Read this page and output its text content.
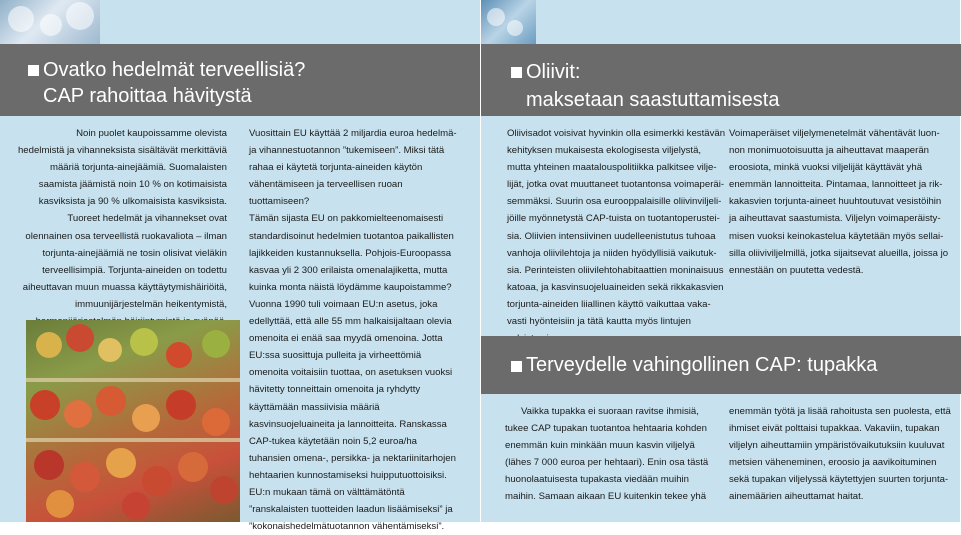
Ovatko hedelmät terveellisiä?
CAP rahoittaa hävitystä
Noin puolet kaupoissamme olevista
hedelmistä ja vihanneksista sisältävät merkittäviä
määriä torjunta-ainejäämiä. Suomalaisten
saamista jäämistä noin 10 % on kotimaisista
kasviksista ja 90 % ulkomaisista kasviksista.
Tuoreet hedelmät ja vihannekset ovat
olennainen osa terveellistä ruokavaliota – ilman
torjunta-ainejäämiä ne tosin olisivat vieläkin
terveellisimpiä. Torjunta-aineiden on todettu
aiheuttavan muun muassa käyttäytymishäiriöitä,
immuunijärjestelmän heikentymistä,
Vuosittain EU käyttää 2 miljardia euroa hedelmä-
ja vihannestuotannon ”tukemiseen”. Miksi tätä
rahaa ei käytetä torjunta-aineiden käytön
vähentämiseen ja terveellisen ruoan
tuottamiseen?
Tämän sijasta EU on pakkomielteenomaisesti
standardisoinut hedelmien tuotantoa paikallisten
lajikkeiden kustannuksella. Pohjois-Euroopassa
kasvaa yli 2 300 erilaista omenalajiketta, mutta
kuinka monta näistä löydämme kaupoistamme?
Vuonna 1990 tuli voimaan EU:n asetus, joka
edellyttää, että alle 55 mm halkaisijaltaan olevia
omenoita ei enää saa myydä omenoina. Jotta
EU:ssa suosittuja pulleita ja virheettömiä
omenoita voitaisiin tuottaa, on asetuksen vuoksi
hävitetty tonneittain omenoita ja ryhdytty
käyttämään massiivisia määriä
kasvinsuojeluaineita ja lannoitteita. Ranskassa
CAP-tukea käytetään noin 5,2 euroa/ha
tuhansien omena-, persikka- ja nektariinitarhojen
hehtaarien kunnostamiseksi huipputuottoisiksi.
EU:n mukaan tämä on välttämätöntä
”ranskalaisten tuotteiden laadun lisäämiseksi” ja
”kokonaishedelmätuotannon vähentämiseksi”.
Oliivit:
maksetaan saastuttamisesta
Oliivisadot voisivat hyvinkin olla esimerkki kestävän
kehityksen mukaisesta ekologisesta viljelystä,
mutta yhteinen maatalouspolitiikka palkitsee vilje-
lijät, jotka ovat muuttaneet tuotantonsa voimaperäi-
semmäksi. Suurin osa eurooppalaisille oliivinviljeli-
jöille myönnetystä CAP-tuista on tuotantoperustei-
sia. Oliivien intensiivinen uudelleenistutus tuhoaa
vanhoja oliivilehtoja ja niiden hyödyllisiä vaikutuk-
sia. Perinteisten oliivilehtohabitaattien moninaisuus
katoaa, ja kasvinsuojeluaineiden sekä rikkakasvien
torjunta-aineiden liiallinen käyttö vaikuttaa vaka-
vasti hyönteisiin ja tätä kautta myös lintujen
Voimaperäiset viljelymenetelmät vähentävät luon-
non monimuotoisuutta ja aiheuttavat maaperän
eroosiota, minkä vuoksi viljelijät käyttävät yhä
enemmän lannoitteita. Pintamaa, lannoitteet ja rik-
kakasvien torjunta-aineet huuhtoutuvat vesistöihin
ja aiheuttavat saastumista. Viljelyn voimaperäisty-
misen vuoksi keinokastelua käytetään myös sellai-
silla oliiviviljelmillä, jotka sijaitsevat alueilla, joissa jo
ennestään on puutetta vedestä.
Terveydelle vahingollinen CAP: tupakka
Vaikka tupakka ei suoraan ravitse ihmisiä,
tukee CAP tupakan tuotantoa hehtaaria kohden
enemmän kuin minkään muun kasvin viljelyä
(lähes 7 000 euroa per hehtaari). Enin osa tästä
huonolaatuisesta tupakasta viedään muihin
maihin. Samaan aikaan EU kuitenkin tekee yhä
enemmän työtä ja lisää rahoitusta sen puolesta, että
ihmiset eivät polttaisi tupakkaa. Vakaviin, tupakan
viljelyn aiheuttamiin ympäristövaikutuksiin kuuluvat
metsien väheneminen, eroosio ja aavikoituminen
sekä tupakan viljelyssä käytettyjen suurten torjunta-
ainemäärien aiheuttamat haitat.
